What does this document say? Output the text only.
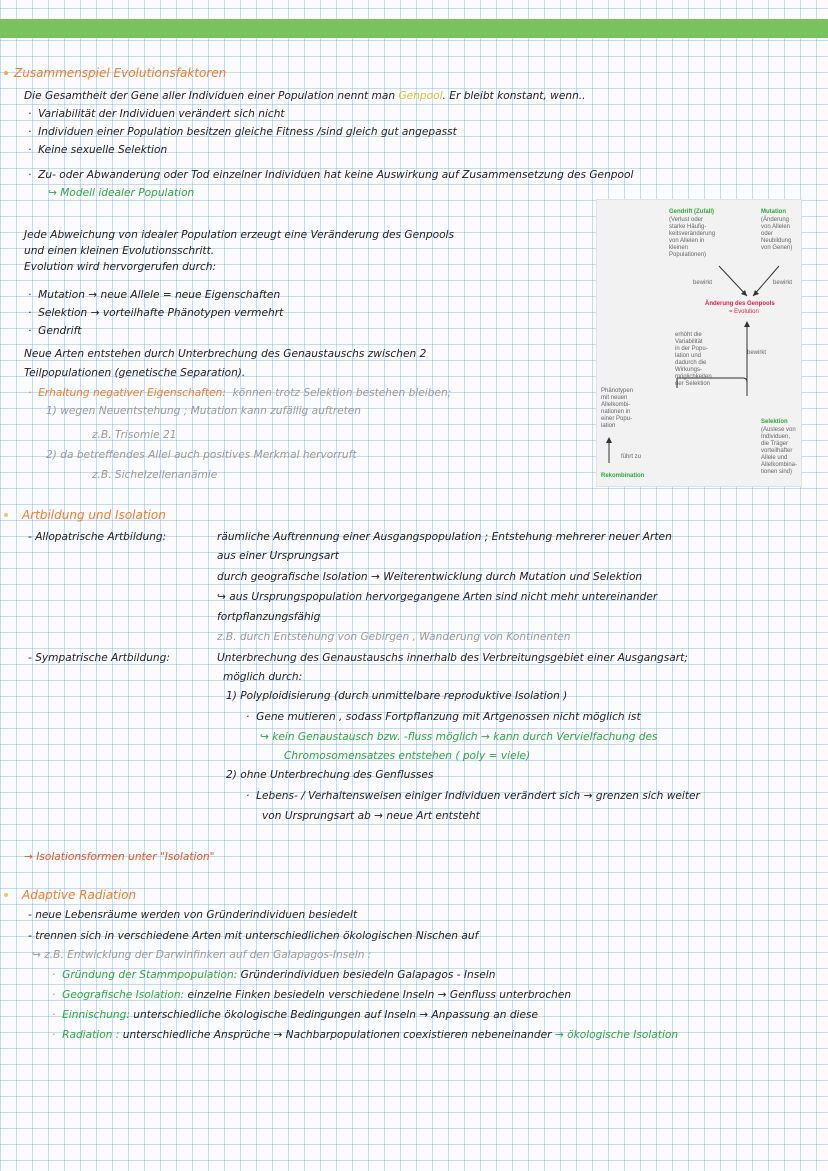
Zusammenspiel Evolutionsfaktoren
Die Gesamtheit der Gene aller Individuen einer Population nennt man Genpool. Er bleibt konstant, wenn..
·  Variabilität der Individuen verändert sich nicht
·  Individuen einer Population besitzen gleiche Fitness /sind gleich gut angepasst
·  Keine sexuelle Selektion
·  Zu- oder Abwanderung oder Tod einzelner Individuen hat keine Auswirkung auf Zusammensetzung des Genpool
↪ Modell idealer Population
Jede Abweichung von idealer Population erzeugt eine Veränderung des Genpools
und einen kleinen Evolutionsschritt.
Evolution wird hervorgerufen durch:
·  Mutation → neue Allele = neue Eigenschaften
·  Selektion → vorteilhafte Phänotypen vermehrt
·  Gendrift
Neue Arten entstehen durch Unterbrechung des Genaustauschs zwischen 2
Teilpopulationen (genetische Separation).
·  Erhaltung negativer Eigenschaften: können trotz Selektion bestehen bleiben;
1) wegen Neuentstehung ; Mutation kann zufällig auftreten
z.B. Trisomie 21
2) da betreffendes Allel auch positives Merkmal hervorruft
z.B. Sichelzellenanämie
Gendrift (Zufall)
(Verlust oder
starke Häufig-
keitsveränderung
von Allelen in
kleinen
Populationen)
Mutation
(Änderung
von Allelen
oder
Neubildung
von Genen)
bewirkt	bewirkt
Änderung des Genpools
= Evolution
erhöht die
Variabilität
in der Popu-
lation und
dadurch die
Wirkungs-
möglichkeiten
der Selektion
bewirkt
Phänotypen
mit neuen
Allelkombi-
nationen in
einer Popu-
lation
führt zu
Selektion
(Auslese von
Individuen,
die Träger
vorteilhafter
Allele und
Allelkombina-
tionen sind)
Rekombination
Artbildung und Isolation
- Allopatrische Artbildung:	räumliche Auftrennung einer Ausgangspopulation ; Entstehung mehrerer neuer Arten
aus einer Ursprungsart
durch geografische Isolation → Weiterentwicklung durch Mutation und Selektion
↪ aus Ursprungspopulation hervorgegangene Arten sind nicht mehr untereinander
fortpflanzungsfähig
z.B. durch Entstehung von Gebirgen , Wanderung von Kontinenten
- Sympatrische Artbildung:	Unterbrechung des Genaustauschs innerhalb des Verbreitungsgebiet einer Ausgangsart;
möglich durch:
1) Polyploidisierung (durch unmittelbare reproduktive Isolation )
·  Gene mutieren , sodass Fortpflanzung mit Artgenossen nicht möglich ist
↪ kein Genaustausch bzw. -fluss möglich → kann durch Vervielfachung des
Chromosomensatzes entstehen ( poly = viele)
2) ohne Unterbrechung des Genflusses
·  Lebens- / Verhaltensweisen einiger Individuen verändert sich → grenzen sich weiter
von Ursprungsart ab → neue Art entsteht
→ Isolationsformen unter "Isolation"
Adaptive Radiation
- neue Lebensräume werden von Gründerindividuen besiedelt
- trennen sich in verschiedene Arten mit unterschiedlichen ökologischen Nischen auf
↪ z.B. Entwicklung der Darwinfinken auf den Galapagos-Inseln :
·  Gründung der Stammpopulation: Gründerindividuen besiedeln Galapagos - Inseln
·  Geografische Isolation: einzelne Finken besiedeln verschiedene Inseln → Genfluss unterbrochen
·  Einnischung: unterschiedliche ökologische Bedingungen auf Inseln → Anpassung an diese
·  Radiation : unterschiedliche Ansprüche → Nachbarpopulationen coexistieren nebeneinander → ökologische Isolation
